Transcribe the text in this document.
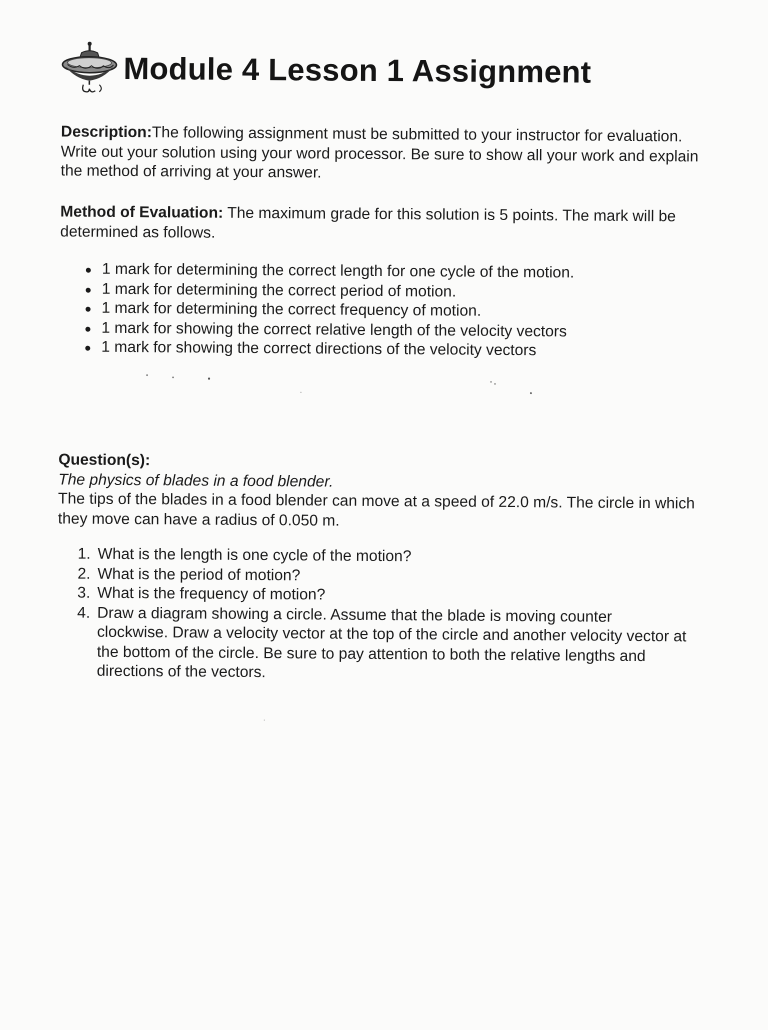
Module 4 Lesson 1 Assignment
Description:The following assignment must be submitted to your instructor for evaluation. Write out your solution using your word processor. Be sure to show all your work and explain the method of arriving at your answer.
Method of Evaluation: The maximum grade for this solution is 5 points. The mark will be determined as follows.
1 mark for determining the correct length for one cycle of the motion.
1 mark for determining the correct period of motion.
1 mark for determining the correct frequency of motion.
1 mark for showing the correct relative length of the velocity vectors
1 mark for showing the correct directions of the velocity vectors
Question(s):
The physics of blades in a food blender.
The tips of the blades in a food blender can move at a speed of 22.0 m/s. The circle in which they move can have a radius of 0.050 m.
1. What is the length is one cycle of the motion?
2. What is the period of motion?
3. What is the frequency of motion?
4. Draw a diagram showing a circle. Assume that the blade is moving counter clockwise. Draw a velocity vector at the top of the circle and another velocity vector at the bottom of the circle. Be sure to pay attention to both the relative lengths and directions of the vectors.
